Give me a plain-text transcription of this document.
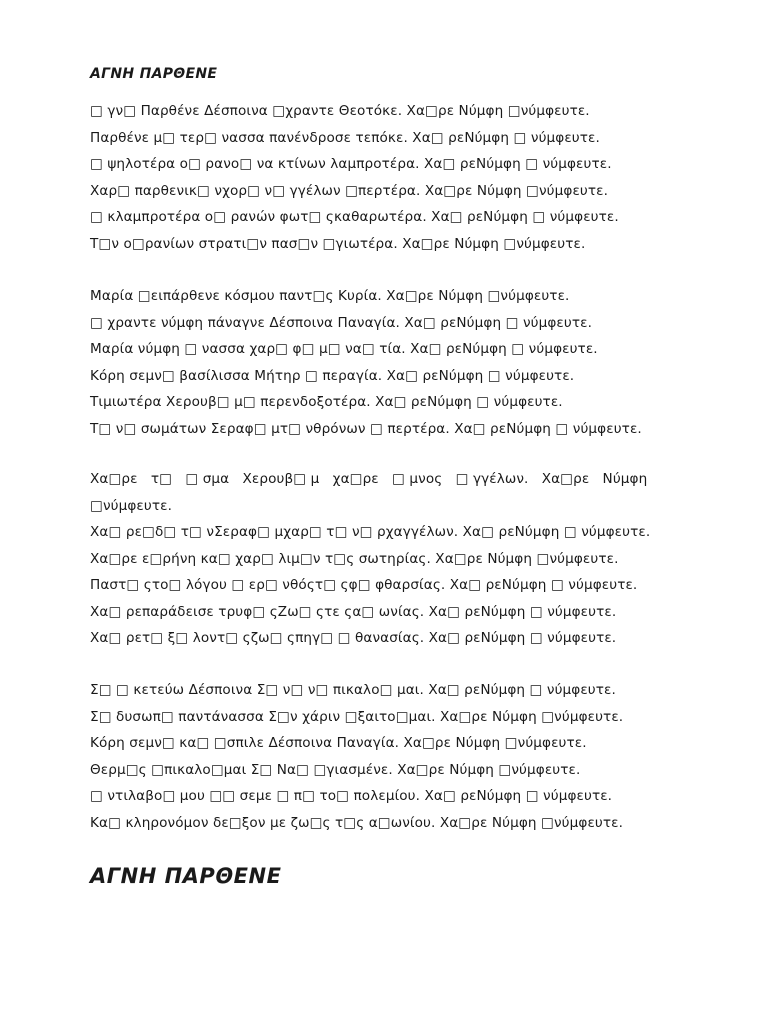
ΑΓΝΗ ΠΑΡΘΕΝΕ
□ γν□ Παρθένε Δέσποινα □χραντε Θεοτόκε. Χα□ρε Νύμφη □νύμφευτε.
Παρθένε μ□ τερ□ νασσα πανένδροσε τεπόκε. Χα□ ρεΝύμφη □ νύμφευτε.
□ ψηλοτέρα ο□ ρανο□ να κτίνων λαμπροτέρα. Χα□ ρεΝύμφη □ νύμφευτε.
Χαρ□ παρθενικ□ νχορ□ ν□ γγέλων □περτέρα. Χα□ρε Νύμφη □νύμφευτε.
□ κλαμπροτέρα ο□ ρανών φωτ□ ςκαθαρωτέρα. Χα□ ρεΝύμφη □ νύμφευτε.
Τ□ν ο□ρανίων στρατι□ν πασ□ν □γιωτέρα. Χα□ρε Νύμφη □νύμφευτε.
Μαρία □ειπάρθενε κόσμου παντ□ς Κυρία. Χα□ρε Νύμφη □νύμφευτε.
□ χραντε νύμφη πάναγνε Δέσποινα Παναγία. Χα□ ρεΝύμφη □ νύμφευτε.
Μαρία νύμφη □ νασσα χαρ□ φ□ μ□ να□ τία. Χα□ ρεΝύμφη □ νύμφευτε.
Κόρη σεμν□ βασίλισσα Μήτηρ □ περαγία. Χα□ ρεΝύμφη □ νύμφευτε.
Τιμιωτέρα Χερουβ□ μ□ περενδοξοτέρα. Χα□ ρεΝύμφη □ νύμφευτε.
Τ□ ν□ σωμάτων Σεραφ□ μτ□ νθρόνων □ περτέρα. Χα□ ρεΝύμφη □ νύμφευτε.
Χα□ρε   τ□   □ σμα   Χερουβ□ μ   χα□ρε   □ μνος   □ γγέλων.   Χα□ρε   Νύμφη
□νύμφευτε.
Χα□ ρε□δ□ τ□ νΣεραφ□ μχαρ□ τ□ ν□ ρχαγγέλων. Χα□ ρεΝύμφη □ νύμφευτε.
Χα□ρε ε□ρήνη κα□ χαρ□ λιμ□ν τ□ς σωτηρίας. Χα□ρε Νύμφη □νύμφευτε.
Παστ□ ςτο□ λόγου □ ερ□ νθόςτ□ ςφ□ φθαρσίας. Χα□ ρεΝύμφη □ νύμφευτε.
Χα□ ρεπαράδεισε τρυφ□ ςΖω□ ςτε ςα□ ωνίας. Χα□ ρεΝύμφη □ νύμφευτε.
Χα□ ρετ□ ξ□ λοντ□ ςζω□ ςπηγ□ □ θανασίας. Χα□ ρεΝύμφη □ νύμφευτε.
Σ□ □ κετεύω Δέσποινα Σ□ ν□ ν□ πικαλο□ μαι. Χα□ ρεΝύμφη □ νύμφευτε.
Σ□ δυσωπ□ παντάνασσα Σ□ν χάριν □ξαιτο□μαι. Χα□ρε Νύμφη □νύμφευτε.
Κόρη σεμν□ κα□ □σπιλε Δέσποινα Παναγία. Χα□ρε Νύμφη □νύμφευτε.
Θερμ□ς □πικαλο□μαι Σ□ Να□ □γιασμένε. Χα□ρε Νύμφη □νύμφευτε.
□ ντιλαβο□ μου □□ σεμε □ π□ το□ πολεμίου. Χα□ ρεΝύμφη □ νύμφευτε.
Κα□ κληρονόμον δε□ξον με ζω□ς τ□ς α□ωνίου. Χα□ρε Νύμφη □νύμφευτε.
ΑΓΝΗ ΠΑΡΘΕΝΕ
